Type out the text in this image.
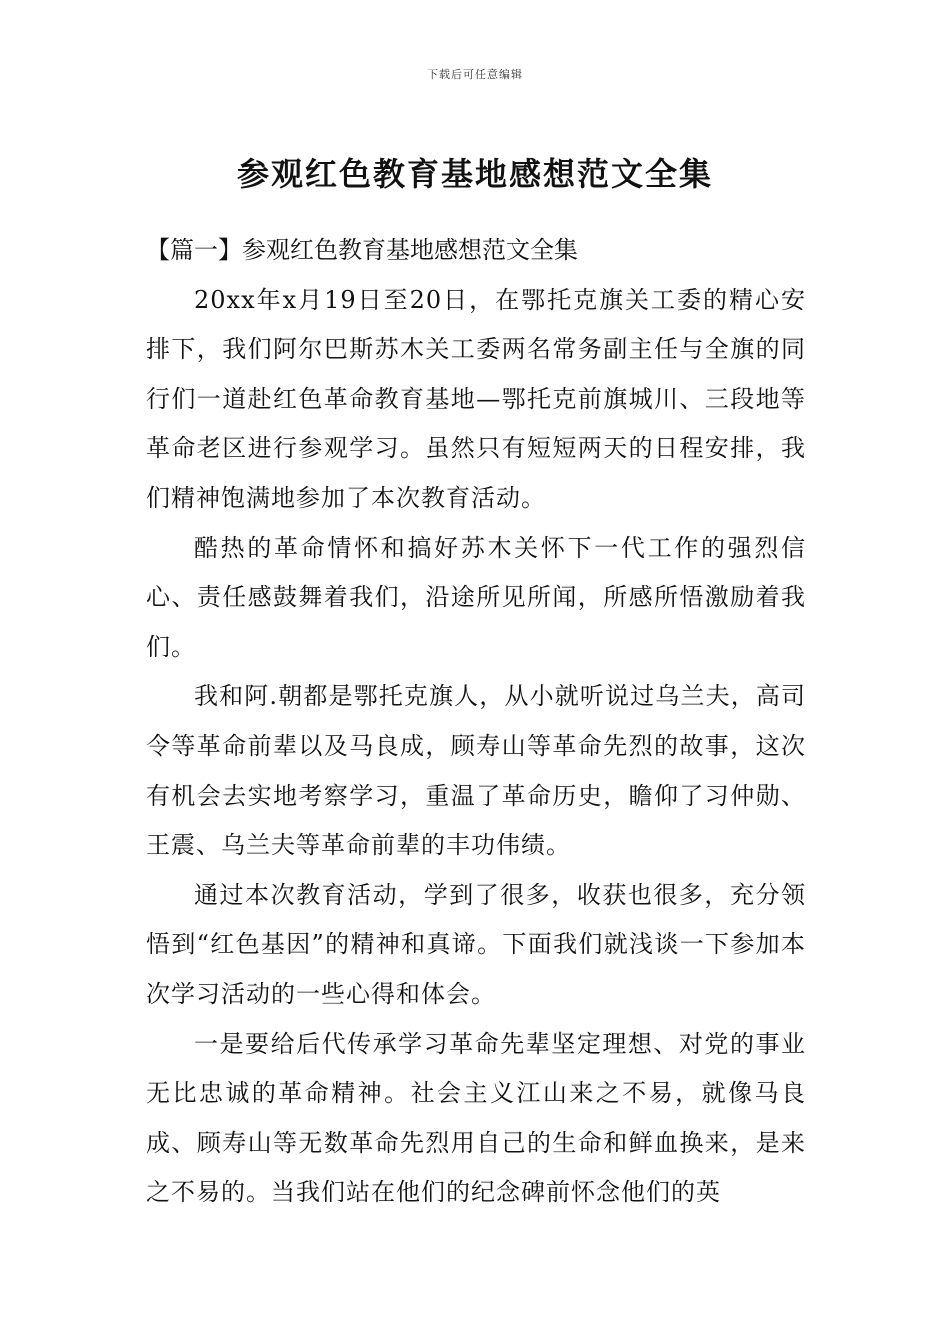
下载后可任意编辑
参观红色教育基地感想范文全集

【篇一】参观红色教育基地感想范文全集

20xx年x月19日至20日，在鄂托克旗关工委的精心安排下，我们阿尔巴斯苏木关工委两名常务副主任与全旗的同行们一道赴红色革命教育基地—鄂托克前旗城川、三段地等革命老区进行参观学习。虽然只有短短两天的日程安排，我们精神饱满地参加了本次教育活动。

酷热的革命情怀和搞好苏木关怀下一代工作的强烈信心、责任感鼓舞着我们，沿途所见所闻，所感所悟激励着我们。

我和阿.朝都是鄂托克旗人，从小就听说过乌兰夫，高司令等革命前辈以及马良成，顾寿山等革命先烈的故事，这次有机会去实地考察学习，重温了革命历史，瞻仰了习仲勋、王震、乌兰夫等革命前辈的丰功伟绩。

通过本次教育活动，学到了很多，收获也很多，充分领悟到“红色基因”的精神和真谛。下面我们就浅谈一下参加本次学习活动的一些心得和体会。

一是要给后代传承学习革命先辈坚定理想、对党的事业无比忠诚的革命精神。社会主义江山来之不易，就像马良成、顾寿山等无数革命先烈用自己的生命和鲜血换来，是来之不易的。当我们站在他们的纪念碑前怀念他们的英
